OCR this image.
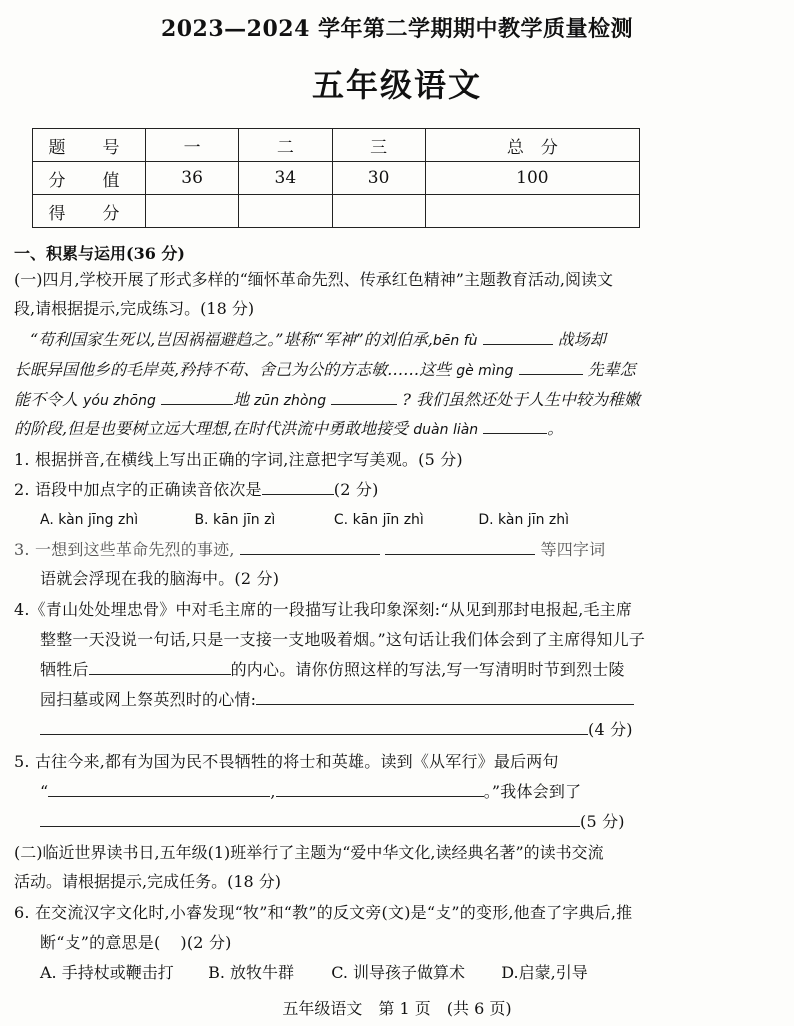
2023—2024 学年第二学期期中教学质量检测
五年级语文
题　号	一	二	三	总　分
分　值	36	34	30	100
得　分				
一、积累与运用(36 分)
(一)四月,学校开展了形式多样的“缅怀革命先烈、传承红色精神”主题教育活动,阅读文
段,请根据提示,完成练习。(18 分)
“苟利国家生死以,岂因祸福避趋之。”堪称“军神”的刘伯承,bēn fù	战场却
长眠异国他乡的毛岸英,矜持不苟、舍己为公的方志敏……这些 gè mìng	先辈怎
能不令人 yóu zhōng	地 zūn zhòng	? 我们虽然还处于人生中较为稚嫩
的阶段,但是也要树立远大理想,在时代洪流中勇敢地接受 duàn liàn	。
1. 根据拼音,在横线上写出正确的字词,注意把字写美观。(5 分)
2. 语段中加点字的正确读音依次是	(2 分)
A. kàn jīng zhì	B. kān jīn zì	C. kān jīn zhì	D. kàn jīn zhì
3. 一想到这些革命先烈的事迹,	等四字词
语就会浮现在我的脑海中。(2 分)
4.《青山处处埋忠骨》中对毛主席的一段描写让我印象深刻:“从见到那封电报起,毛主席
整整一天没说一句话,只是一支接一支地吸着烟。”这句话让我们体会到了主席得知儿子
牺牲后	的内心。请你仿照这样的写法,写一写清明时节到烈士陵
园扫墓或网上祭英烈时的心情:
(4 分)
5. 古往今来,都有为国为民不畏牺牲的将士和英雄。读到《从军行》最后两句
“	,	。”我体会到了
(5 分)
(二)临近世界读书日,五年级(1)班举行了主题为“爱中华文化,读经典名著”的读书交流
活动。请根据提示,完成任务。(18 分)
6. 在交流汉字文化时,小睿发现“牧”和“教”的反文旁(文)是“攴”的变形,他查了字典后,推
断“攴”的意思是( )(2 分)
A. 手持杖或鞭击打 B. 放牧牛群 C. 训导孩子做算术 D.启蒙,引导
五年级语文　第 1 页　(共 6 页)
